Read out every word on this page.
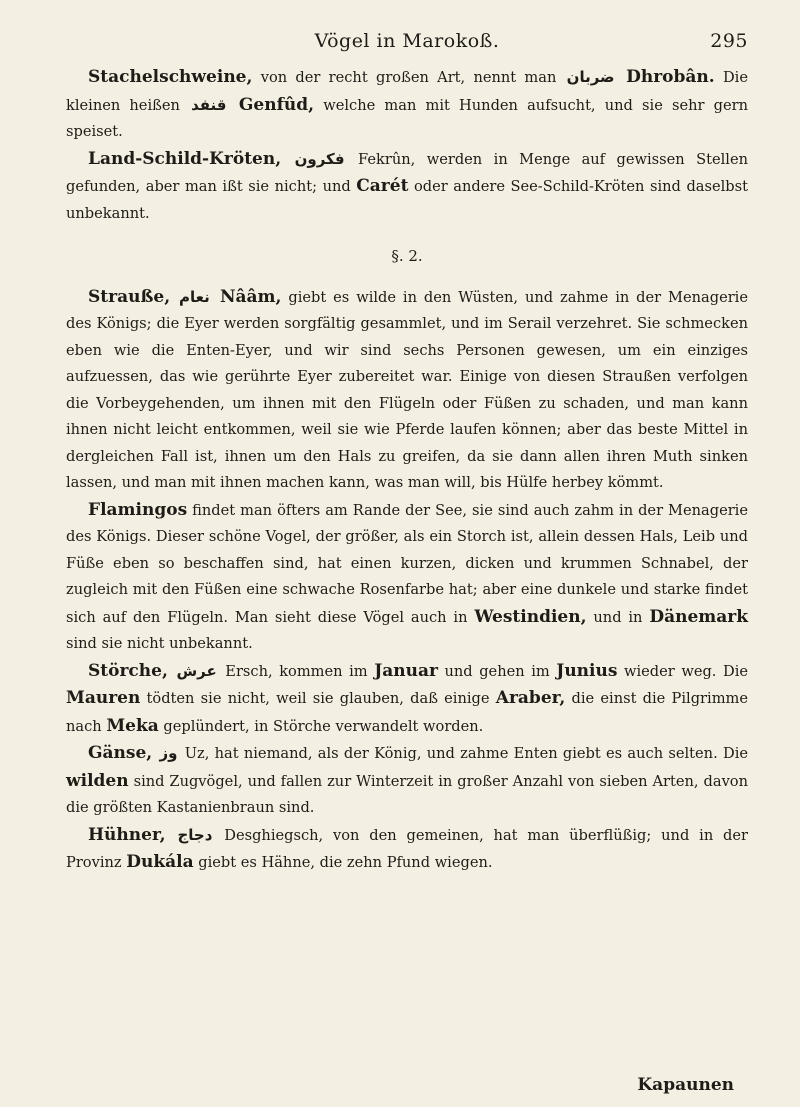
Vögel in Marokoß.	295

Stachelschweine, von der recht großen Art, nennt man ضربان Dhrobân. Die kleinen heißen قنفد Genfûd, welche man mit Hunden aufsucht, und sie sehr gern speiset.

Land-Schild-Kröten, فكرون Fekrûn, werden in Menge auf gewissen Stellen gefunden, aber man ißt sie nicht; und Carét oder andere See-Schild-Kröten sind daselbst unbekannt.

§. 2.

Strauße, نعام Nââm, giebt es wilde in den Wüsten, und zahme in der Menagerie des Königs; die Eyer werden sorgfältig gesammlet, und im Serail verzehret. Sie schmecken eben wie die Enten-Eyer, und wir sind sechs Personen gewesen, um ein einziges aufzuessen, das wie gerührte Eyer zubereitet war. Einige von diesen Straußen verfolgen die Vorbeygehenden, um ihnen mit den Flügeln oder Füßen zu schaden, und man kann ihnen nicht leicht entkommen, weil sie wie Pferde laufen können; aber das beste Mittel in dergleichen Fall ist, ihnen um den Hals zu greifen, da sie dann allen ihren Muth sinken lassen, und man mit ihnen machen kann, was man will, bis Hülfe herbey kömmt.

Flamingos findet man öfters am Rande der See, sie sind auch zahm in der Menagerie des Königs. Dieser schöne Vogel, der größer, als ein Storch ist, allein dessen Hals, Leib und Füße eben so beschaffen sind, hat einen kurzen, dicken und krummen Schnabel, der zugleich mit den Füßen eine schwache Rosenfarbe hat; aber eine dunkele und starke findet sich auf den Flügeln. Man sieht diese Vögel auch in Westindien, und in Dänemark sind sie nicht unbekannt.

Störche, عرش Ersch, kommen im Januar und gehen im Junius wieder weg. Die Mauren tödten sie nicht, weil sie glauben, daß einige Araber, die einst die Pilgrimme nach Meka geplündert, in Störche verwandelt worden.

Gänse, وز Uz, hat niemand, als der König, und zahme Enten giebt es auch selten. Die wilden sind Zugvögel, und fallen zur Winterzeit in großer Anzahl von sieben Arten, davon die größten Kastanienbraun sind.

Hühner, دجاج Desghiegsch, von den gemeinen, hat man überflüßig; und in der Provinz Dukála giebt es Hähne, die zehn Pfund wiegen.

Kapaunen
